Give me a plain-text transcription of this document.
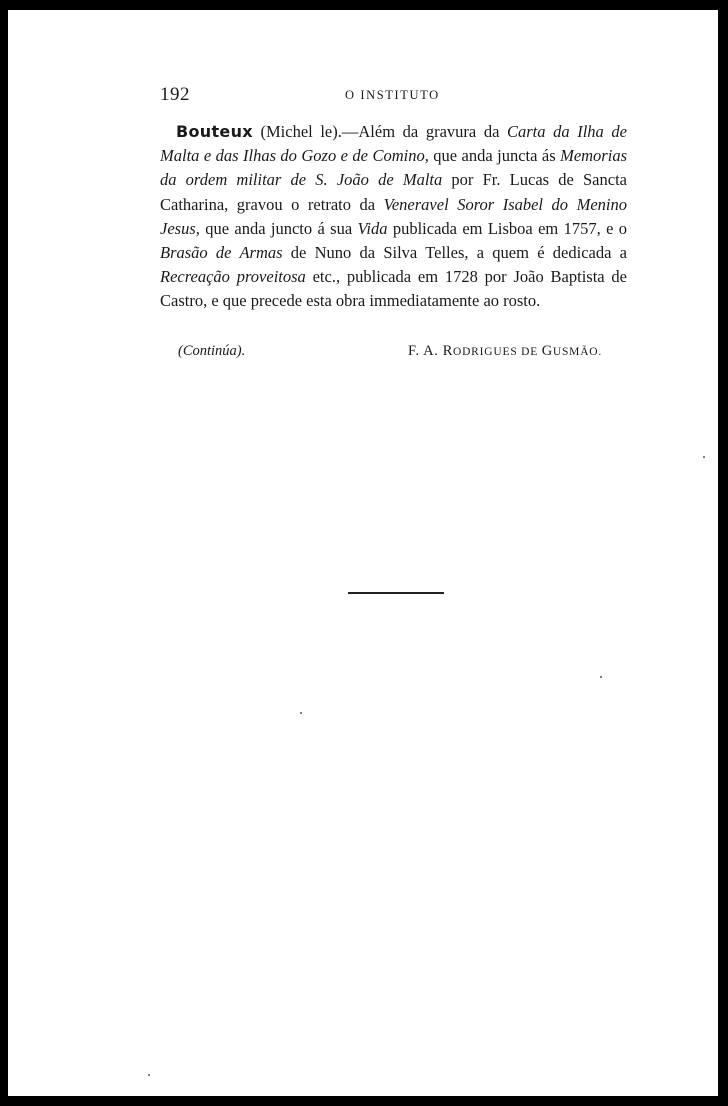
192	O INSTITUTO

Bouteux (Michel le).—Além da gravura da Carta da Ilha de Malta e das Ilhas do Gozo e de Comino, que anda juncta ás Memorias da ordem militar de S. João de Malta por Fr. Lucas de Sancta Catharina, gravou o retrato da Veneravel Soror Isabel do Menino Jesus, que anda juncto á sua Vida publicada em Lisboa em 1757, e o Brasão de Armas de Nuno da Silva Telles, a quem é dedicada a Recreação proveitosa etc., publicada em 1728 por João Baptista de Castro, e que precede esta obra immediatamente ao rosto.

(Continúa).	F. A. RODRIGUES DE GUSMÃO.
